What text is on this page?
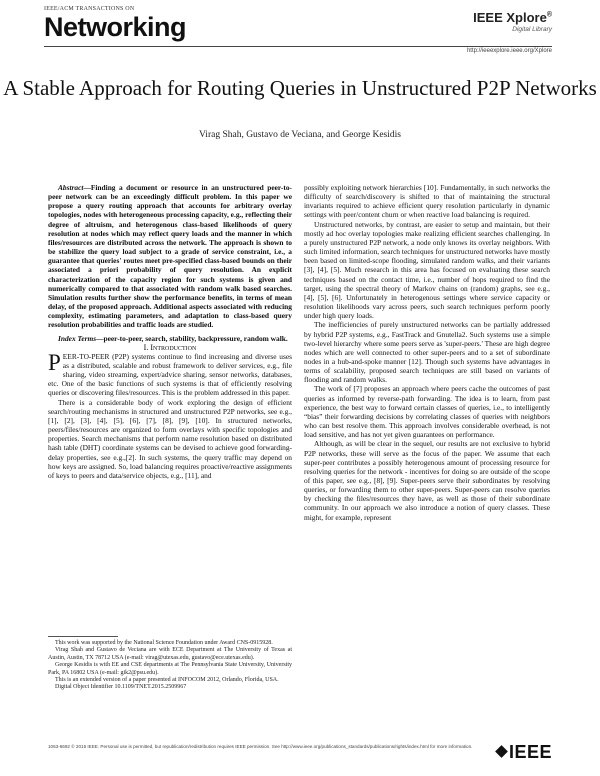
IEEE/ACM TRANSACTIONS ON
Networking	IEEE Xplore®
Digital Library
http://ieeexplore.ieee.org/Xplore
A Stable Approach for Routing Queries in Unstructured P2P Networks
Virag Shah, Gustavo de Veciana, and George Kesidis

Abstract—Finding a document or resource in an unstructured peer-to-peer network can be an exceedingly difficult problem. In this paper we propose a query routing approach that accounts for arbitrary overlay topologies, nodes with heterogeneous processing capacity, e.g., reflecting their degree of altruism, and heterogenous class-based likelihoods of query resolution at nodes which may reflect query loads and the manner in which files/resources are distributed across the network. The approach is shown to be stabilize the query load subject to a grade of service constraint, i.e., a guarantee that queries' routes meet pre-specified class-based bounds on their associated a priori probability of query resolution. An explicit characterization of the capacity region for such systems is given and numerically compared to that associated with random walk based searches. Simulation results further show the performance benefits, in terms of mean delay, of the proposed approach. Additional aspects associated with reducing complexity, estimating parameters, and adaptation to class-based query resolution probabilities and traffic loads are studied.

Index Terms—peer-to-peer, search, stability, backpressure, random walk.

I. Introduction

PEER-TO-PEER (P2P) systems continue to find increasing and diverse uses as a distributed, scalable and robust framework to deliver services, e.g., file sharing, video streaming, expert/advice sharing, sensor networks, databases, etc. One of the basic functions of such systems is that of efficiently resolving queries or discovering files/resources. This is the problem addressed in this paper.

There is a considerable body of work exploring the design of efficient search/routing mechanisms in structured and unstructured P2P networks, see e.g.,[1], [2], [3], [4], [5], [6], [7], [8], [9], [10]. In structured networks, peers/files/resources are organized to form overlays with specific topologies and properties. Search mechanisms that perform name resolution based on distributed hash table (DHT) coordinate systems can be devised to achieve good forwarding-delay properties, see e.g.,[2]. In such systems, the query traffic may depend on how keys are assigned. So, load balancing requires proactive/reactive assignments of keys to peers and data/service objects, e.g., [11], and

This work was supported by the National Science Foundation under Award CNS-0915928.

Virag Shah and Gustavo de Veciana are with ECE Department at The University of Texas at Austin, Austin, TX 78712 USA (e-mail: virag@utexas.edu, gustavo@ece.utexas.edu).

George Kesidis is with EE and CSE departments at The Pennsylvania State University, University Park, PA 16802 USA (e-mail: gik2@psu.edu).

This is an extended version of a paper presented at INFOCOM 2012, Orlando, Florida, USA.

Digital Object Identifier 10.1109/TNET.2015.2509967

possibly exploiting network hierarchies [10]. Fundamentally, in such networks the difficulty of search/discovery is shifted to that of maintaining the structural invariants required to achieve efficient query resolution particularly in dynamic settings with peer/content churn or when reactive load balancing is required.

Unstructured networks, by contrast, are easier to setup and maintain, but their mostly ad hoc overlay topologies make realizing efficient searches challenging. In a purely unstructured P2P network, a node only knows its overlay neighbors. With such limited information, search techniques for unstructured networks have mostly been based on limited-scope flooding, simulated random walks, and their variants [3], [4], [5]. Much research in this area has focused on evaluating these search techniques based on the contact time, i.e., number of hops required to find the target, using the spectral theory of Markov chains on (random) graphs, see e.g., [4], [5], [6]. Unfortunately in heterogenous settings where service capacity or resolution likelihoods vary across peers, such search techniques perform poorly under high query loads.

The inefficiencies of purely unstructured networks can be partially addressed by hybrid P2P systems, e.g., FastTrack and Gnutella2. Such systems use a simple two-level hierarchy where some peers serve as 'super-peers.' These are high degree nodes which are well connected to other super-peers and to a set of subordinate nodes in a hub-and-spoke manner [12]. Though such systems have advantages in terms of scalability, proposed search techniques are still based on variants of flooding and random walks.

The work of [7] proposes an approach where peers cache the outcomes of past queries as informed by reverse-path forwarding. The idea is to learn, from past experience, the best way to forward certain classes of queries, i.e., to intelligently “bias” their forwarding decisions by correlating classes of queries with neighbors who can best resolve them. This approach involves considerable overhead, is not load sensitive, and has not yet given guarantees on performance.

Although, as will be clear in the sequel, our results are not exclusive to hybrid P2P networks, these will serve as the focus of the paper. We assume that each super-peer contributes a possibly heterogenous amount of processing resource for resolving queries for the network - incentives for doing so are outside of the scope of this paper, see e.g., [8], [9]. Super-peers serve their subordinates by resolving queries, or forwarding them to other super-peers. Super-peers can resolve queries by checking the files/resources they have, as well as those of their subordinate community. In our approach we also introduce a notion of query classes. These might, for example, represent

1063-6692 © 2015 IEEE. Personal use is permitted, but republication/redistribution requires IEEE permission. See http://www.ieee.org/publications_standards/publications/rights/index.html for more information.	IEEE
